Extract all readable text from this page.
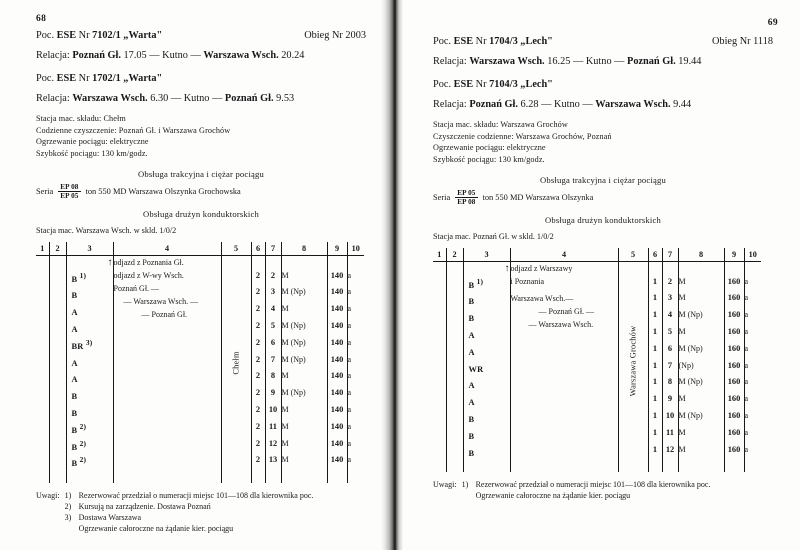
68
Poc. ESE Nr 7102/1 „Warta"	Obieg Nr 2003
Relacja: Poznań Gł. 17.05 — Kutno — Warszawa Wsch. 20.24
Poc. ESE Nr 1702/1 „Warta"
Relacja: Warszawa Wsch. 6.30 — Kutno — Poznań Gł. 9.53
Stacja mac. składu: Chełm
Codzienne czyszczenie: Poznań Gł. i Warszawa Grochów
Ogrzewanie pociągu: elektryczne
Szybkość pociągu: 130 km/godz.
Obsługa trakcyjna i ciężar pociągu
Seria $\frac{EP 08}{EP 05}$ ton 550 MD Warszawa Olszynka Grochowska
Obsługa drużyn konduktorskich
Stacja mac. Warszawa Wsch. w skld. 1/0/2
1	2	3	4	5	6	7	8	9	10
		↑	odjazd z Poznania Gł.
odjazd z W-wy Wsch.
Poznań Gł. —
— Warszawa Wsch. —
— Poznań Gł.	Chełm					

		B $^{1)}$			2	2	M	140	a
		B			2	3	M (Np)	140	a
		A			2	4	M	140	a
		A			2	5	M (Np)	140	a
		BR $^{3)}$			2	6	M (Np)	140	a
		A			2	7	M (Np)	140	a
		A			2	8	M	140	a
		B			2	9	M (Np)	140	a
		B			2	10	M	140	a
		B $^{2)}$			2	11	M	140	a
		B $^{2)}$			2	12	M	140	a
		B $^{2)}$			2	13	M	140	a

Uwagi: 1) Rezerwować przedział o numeracji miejsc 101—108 dla kierownika poc.
2) Kursują na zarządzenie. Dostawa Poznań
3) Dostawa Warszawa
Ogrzewanie całoroczne na żądanie kier. pociągu
69
Poc. ESE Nr 1704/3 „Lech"	Obieg Nr 1118
Relacja: Warszawa Wsch. 16.25 — Kutno — Poznań Gł. 19.44
Poc. ESE Nr 7104/3 „Lech"
Relacja: Poznań Gł. 6.28 — Kutno — Warszawa Wsch. 9.44
Stacja mac. składu: Warszawa Grochów
Czyszczenie codzienne: Warszawa Grochów, Poznań
Ogrzewanie pociągu: elektryczne
Szybkość pociągu: 130 km/godz.
Obsługa trakcyjna i ciężar pociągu
Seria $\frac{EP 05}{EP 08}$ ton 550 MD Warszawa Olszynka
Obsługa drużyn konduktorskich
Stacja mac. Poznań Gł. w skld. 1/0/2
1	2	3	4	5	6	7	8	9	10
		↑	odjazd z Warszawy
i Poznania
Warszawa Wsch.—
— Poznań Gł. —
— Warszawa Wsch.	Warszawa Grochów					

		B $^{1)}$			1	2	M	160	a
		B			1	3	M	160	a
		B			1	4	M (Np)	160	a
		A			1	5	M	160	a
		A			1	6	M (Np)	160	a
		WR			1	7	(Np)	160	a
		A			1	8	M (Np)	160	a
		A			1	9	M	160	a
		B			1	10	M (Np)	160	a
		B			1	11	M	160	a
		B			1	12	M	160	a

Uwagi: 1) Rezerwować przedział o numeracji miejsc 101—108 dla kierownika poc.
Ogrzewanie całoroczne na żądanie kier. pociągu
